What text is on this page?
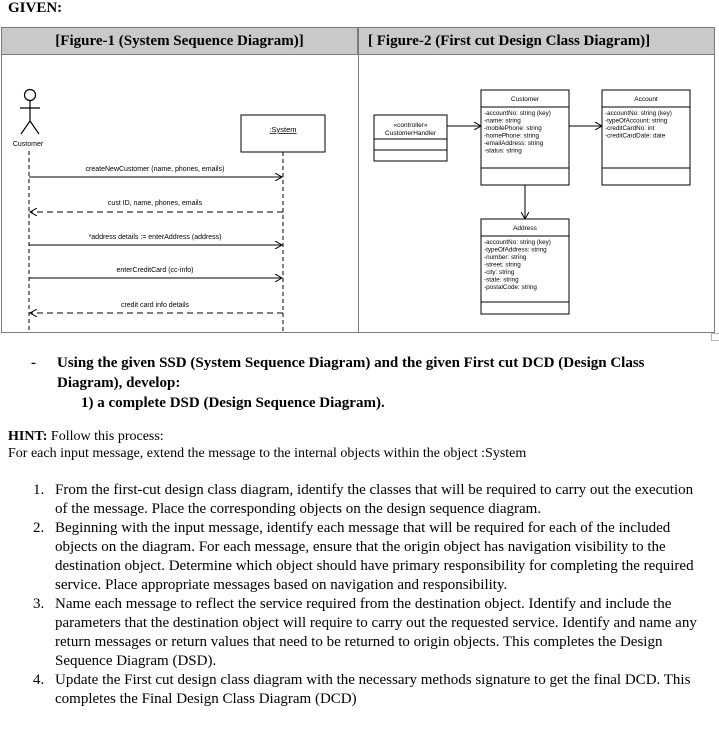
GIVEN:
[Figure-1 (System Sequence Diagram)]	[ Figure-2 (First cut Design Class Diagram)]
Customer
:System
createNewCustomer (name, phones, emails)
cust ID, name, phones, emails
*address details := enterAddress (address)
enterCreditCard (cc-info)
credit card info details
«controller»
CustomerHandler
Customer
-accountNo: string (key)
-name: string
-mobilePhone: string
-homePhone: string
-emailAddress: string
-status: string
Account
-accountNo: string (key)
-typeOfAccount: string
-creditCardNo: int
-creditCardDate: date
Address
-accountNo: string (key)
-typeOfAddress: string
-number: string
-street: string
-city: string
-state: string
-postalCode: string
-	Using the given SSD (System Sequence Diagram) and the given First cut DCD (Design Class Diagram), develop:
1) a complete DSD (Design Sequence Diagram).
HINT: Follow this process:
For each input message, extend the message to the internal objects within the object :System
1. From the first-cut design class diagram, identify the classes that will be required to carry out the execution of the message. Place the corresponding objects on the design sequence diagram.
2. Beginning with the input message, identify each message that will be required for each of the included objects on the diagram. For each message, ensure that the origin object has navigation visibility to the destination object. Determine which object should have primary responsibility for completing the required service. Place appropriate messages based on navigation and responsibility.
3. Name each message to reflect the service required from the destination object. Identify and include the parameters that the destination object will require to carry out the requested service. Identify and name any return messages or return values that need to be returned to origin objects. This completes the Design Sequence Diagram (DSD).
4. Update the First cut design class diagram with the necessary methods signature to get the final DCD. This completes the Final Design Class Diagram (DCD)
